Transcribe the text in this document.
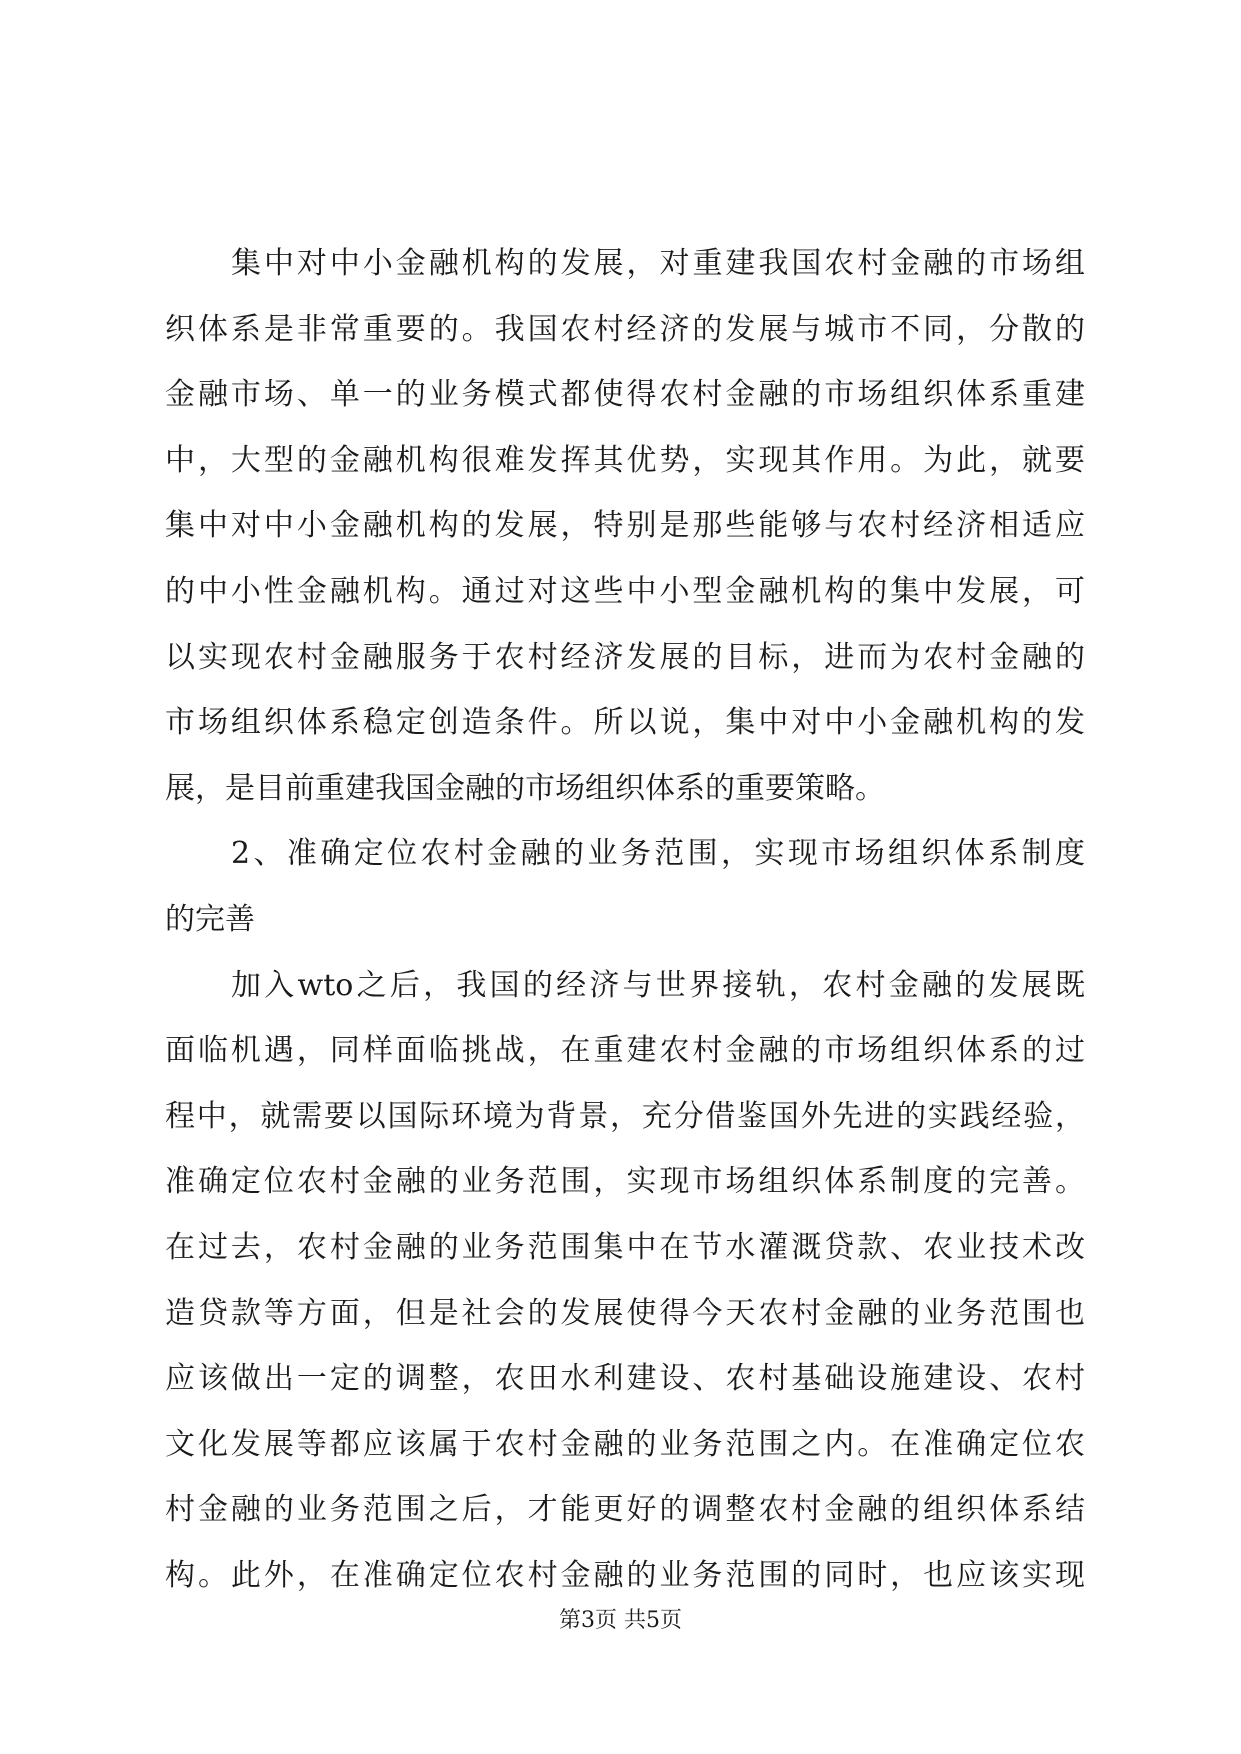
集中对中小金融机构的发展，对重建我国农村金融的市场组
织体系是非常重要的。我国农村经济的发展与城市不同，分散的
金融市场、单一的业务模式都使得农村金融的市场组织体系重建
中，大型的金融机构很难发挥其优势，实现其作用。为此，就要
集中对中小金融机构的发展，特别是那些能够与农村经济相适应
的中小性金融机构。通过对这些中小型金融机构的集中发展，可
以实现农村金融服务于农村经济发展的目标，进而为农村金融的
市场组织体系稳定创造条件。所以说，集中对中小金融机构的发
展，是目前重建我国金融的市场组织体系的重要策略。
2、准确定位农村金融的业务范围，实现市场组织体系制度
的完善
加入wto之后，我国的经济与世界接轨，农村金融的发展既
面临机遇，同样面临挑战，在重建农村金融的市场组织体系的过
程中，就需要以国际环境为背景，充分借鉴国外先进的实践经验，
准确定位农村金融的业务范围，实现市场组织体系制度的完善。
在过去，农村金融的业务范围集中在节水灌溉贷款、农业技术改
造贷款等方面，但是社会的发展使得今天农村金融的业务范围也
应该做出一定的调整，农田水利建设、农村基础设施建设、农村
文化发展等都应该属于农村金融的业务范围之内。在准确定位农
村金融的业务范围之后，才能更好的调整农村金融的组织体系结
构。此外，在准确定位农村金融的业务范围的同时，也应该实现
第3页 共5页
